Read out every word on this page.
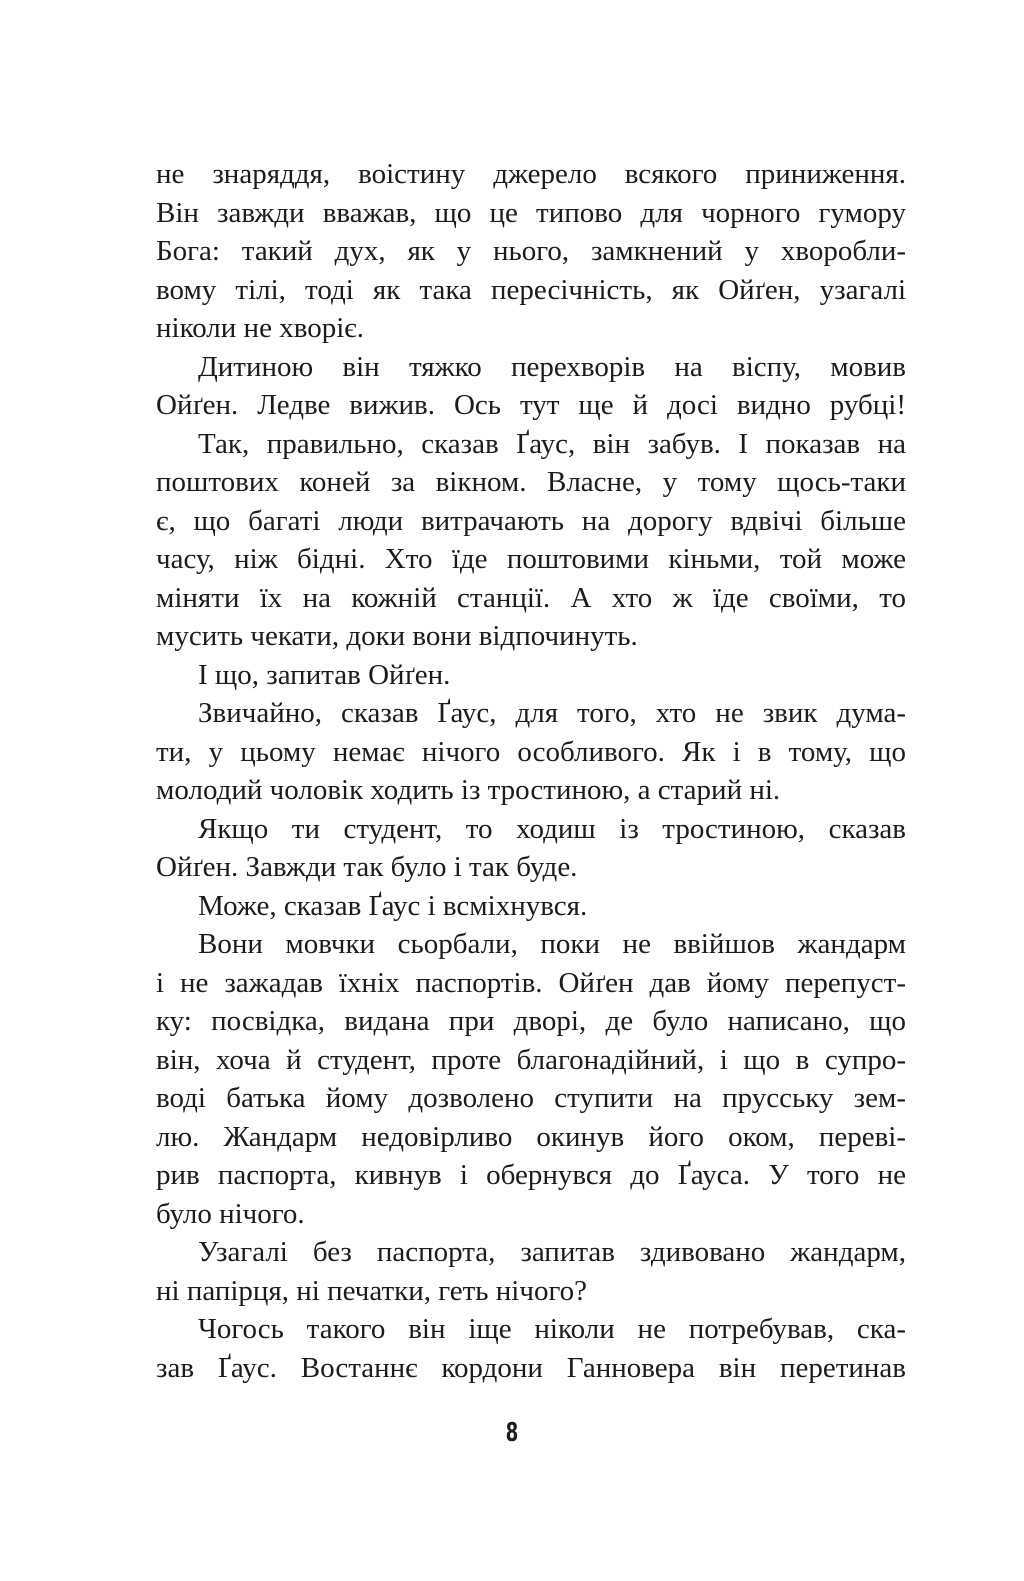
не знаряддя, воістину джерело всякого приниження.
Він завжди вважав, що це типово для чорного гумору
Бога: такий дух, як у нього, замкнений у хворобли-
вому тілі, тоді як така пересічність, як Ойґен, узагалі
ніколи не хворіє.
Дитиною він тяжко перехворів на віспу, мовив
Ойґен. Ледве вижив. Ось тут ще й досі видно рубці!
Так, правильно, сказав Ґаус, він забув. І показав на
поштових коней за вікном. Власне, у тому щось-таки
є, що багаті люди витрачають на дорогу вдвічі більше
часу, ніж бідні. Хто їде поштовими кіньми, той може
міняти їх на кожній станції. А хто ж їде своїми, то
мусить чекати, доки вони відпочинуть.
І що, запитав Ойґен.
Звичайно, сказав Ґаус, для того, хто не звик дума-
ти, у цьому немає нічого особливого. Як і в тому, що
молодий чоловік ходить із тростиною, а старий ні.
Якщо ти студент, то ходиш із тростиною, сказав
Ойґен. Завжди так було і так буде.
Може, сказав Ґаус і всміхнувся.
Вони мовчки сьорбали, поки не ввійшов жандарм
і не зажадав їхніх паспортів. Ойґен дав йому перепуст-
ку: посвідка, видана при дворі, де було написано, що
він, хоча й студент, проте благонадійний, і що в супро-
воді батька йому дозволено ступити на прусську зем-
лю. Жандарм недовірливо окинув його оком, переві-
рив паспорта, кивнув і обернувся до Ґауса. У того не
було нічого.
Узагалі без паспорта, запитав здивовано жандарм,
ні папірця, ні печатки, геть нічого?
Чогось такого він іще ніколи не потребував, ска-
зав Ґаус. Востаннє кордони Ганновера він перетинав
8
